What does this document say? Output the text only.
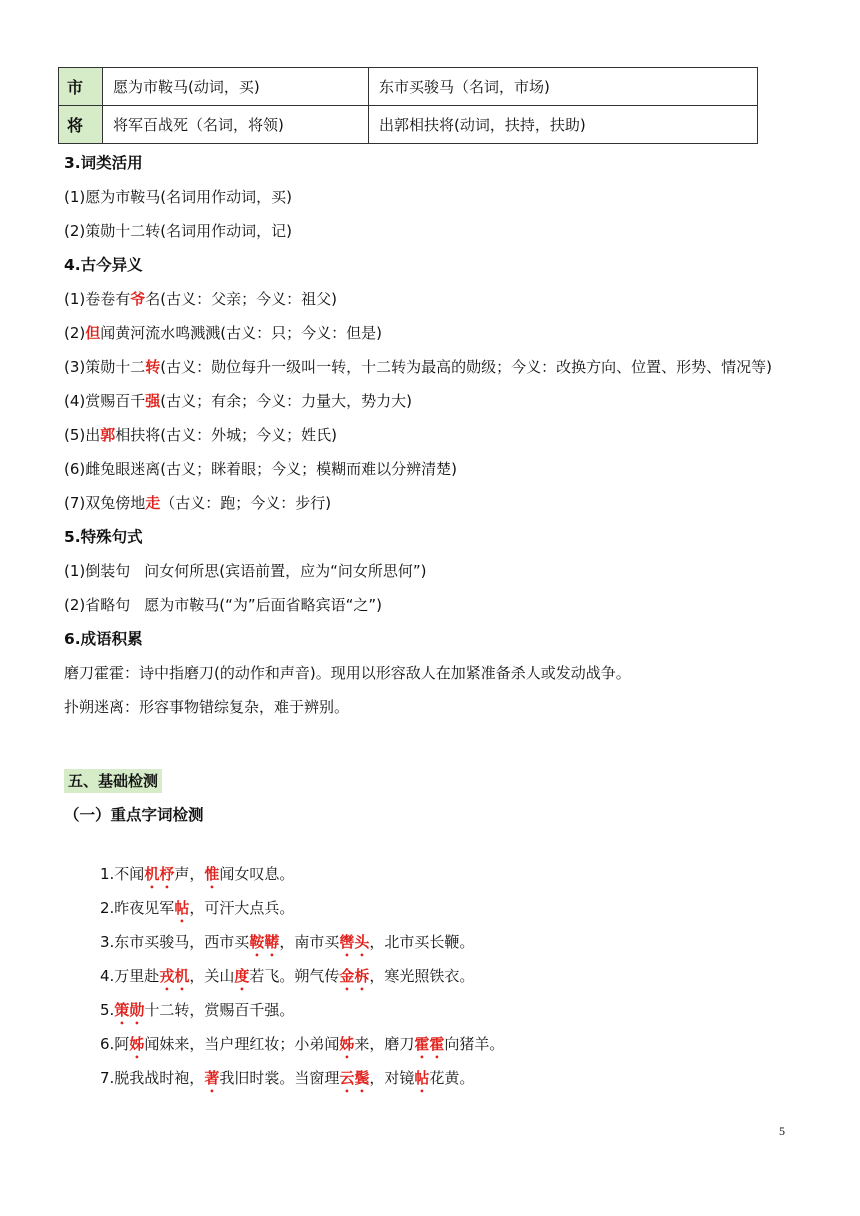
市	愿为市鞍马(动词，买)	东市买骏马（名词，市场)
将	将军百战死（名词，将领)	出郭相扶将(动词，扶持，扶助)
3.词类活用
(1)愿为市鞍马(名词用作动词，买)
(2)策勋十二转(名词用作动词，记)
4.古今异义
(1)卷卷有爷名(古义：父亲；今义：祖父)
(2)但闻黄河流水鸣溅溅(古义：只；今义：但是)
(3)策勋十二转(古义：勋位每升一级叫一转，十二转为最高的勋级；今义：改换方向、位置、形势、情况等)
(4)赏赐百千强(古义；有余；今义：力量大，势力大)
(5)出郭相扶将(古义：外城；今义；姓氏)
(6)雌兔眼迷离(古义；眯着眼；今义；模糊而难以分辨清楚)
(7)双兔傍地走（古义：跑；今义：步行)
5.特殊句式
(1)倒装句 问女何所思(宾语前置，应为“问女所思何”)
(2)省略句 愿为市鞍马(“为”后面省略宾语“之”)
6.成语积累
磨刀霍霍：诗中指磨刀(的动作和声音)。现用以形容敌人在加紧准备杀人或发动战争。
扑朔迷离：形容事物错综复杂，难于辨别。
五、基础检测
（一）重点字词检测
1.不闻机杼声，惟闻女叹息。
2.昨夜见军帖，可汗大点兵。
3.东市买骏马，西市买鞍鞯，南市买辔头，北市买长鞭。
4.万里赴戎机，关山度若飞。朔气传金柝，寒光照铁衣。
5.策勋十二转，赏赐百千强。
6.阿姊闻妹来，当户理红妆；小弟闻姊来，磨刀霍霍向猪羊。
7.脱我战时袍，著我旧时裳。当窗理云鬓，对镜帖花黄。
5
